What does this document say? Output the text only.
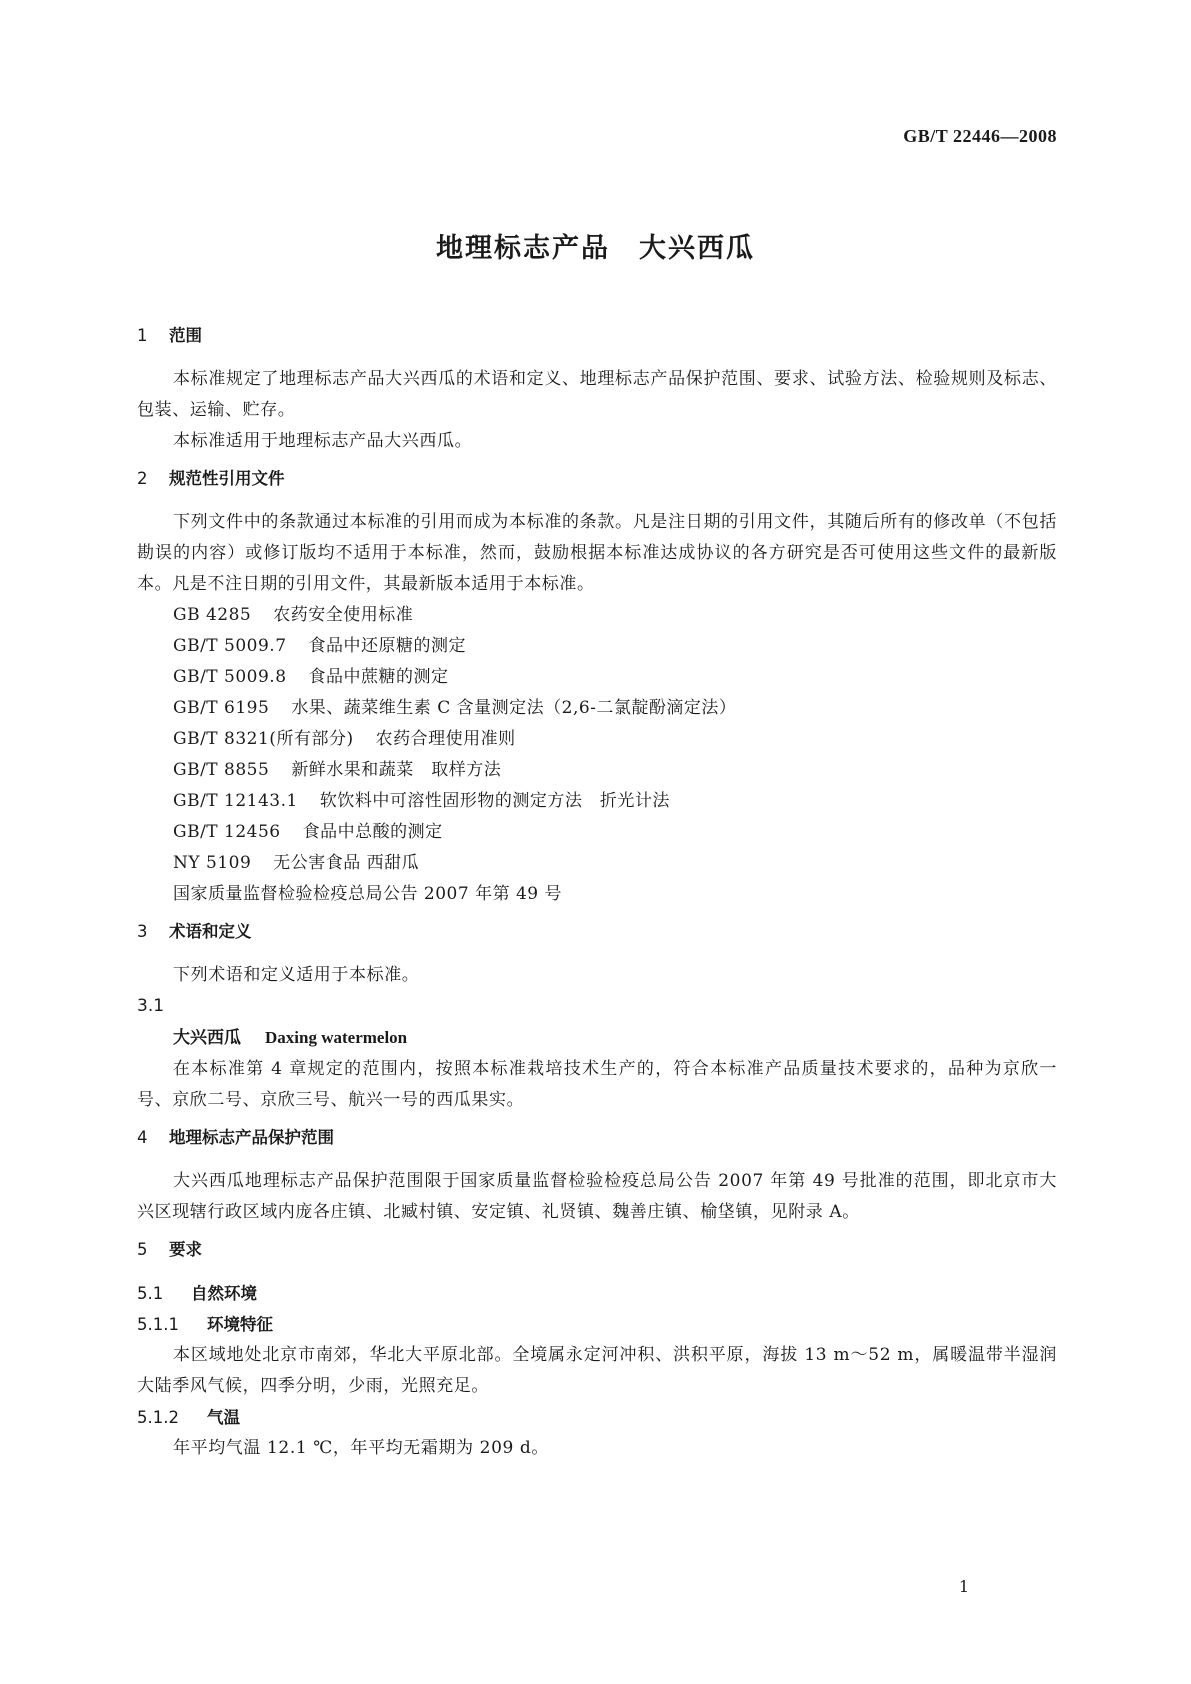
GB/T 22446—2008
地理标志产品　大兴西瓜
1 范围

本标准规定了地理标志产品大兴西瓜的术语和定义、地理标志产品保护范围、要求、试验方法、检验规则及标志、包装、运输、贮存。

本标准适用于地理标志产品大兴西瓜。

2 规范性引用文件

下列文件中的条款通过本标准的引用而成为本标准的条款。凡是注日期的引用文件，其随后所有的修改单（不包括勘误的内容）或修订版均不适用于本标准，然而，鼓励根据本标准达成协议的各方研究是否可使用这些文件的最新版本。凡是不注日期的引用文件，其最新版本适用于本标准。

GB 4285 农药安全使用标准

GB/T 5009.7 食品中还原糖的测定

GB/T 5009.8 食品中蔗糖的测定

GB/T 6195 水果、蔬菜维生素 C 含量测定法（2,6-二氯靛酚滴定法）

GB/T 8321(所有部分) 农药合理使用准则

GB/T 8855 新鲜水果和蔬菜　取样方法

GB/T 12143.1 软饮料中可溶性固形物的测定方法　折光计法

GB/T 12456 食品中总酸的测定

NY 5109 无公害食品 西甜瓜

国家质量监督检验检疫总局公告 2007 年第 49 号

3 术语和定义

下列术语和定义适用于本标准。

3.1

大兴西瓜 Daxing watermelon

在本标准第 4 章规定的范围内，按照本标准栽培技术生产的，符合本标准产品质量技术要求的，品种为京欣一号、京欣二号、京欣三号、航兴一号的西瓜果实。

4 地理标志产品保护范围

大兴西瓜地理标志产品保护范围限于国家质量监督检验检疫总局公告 2007 年第 49 号批准的范围，即北京市大兴区现辖行政区域内庞各庄镇、北臧村镇、安定镇、礼贤镇、魏善庄镇、榆垡镇，见附录 A。

5 要求
5.1 自然环境
5.1.1 环境特征

本区域地处北京市南郊，华北大平原北部。全境属永定河冲积、洪积平原，海拔 13 m～52 m，属暖温带半湿润大陆季风气候，四季分明，少雨，光照充足。

5.1.2 气温

年平均气温 12.1 ℃，年平均无霜期为 209 d。

1
